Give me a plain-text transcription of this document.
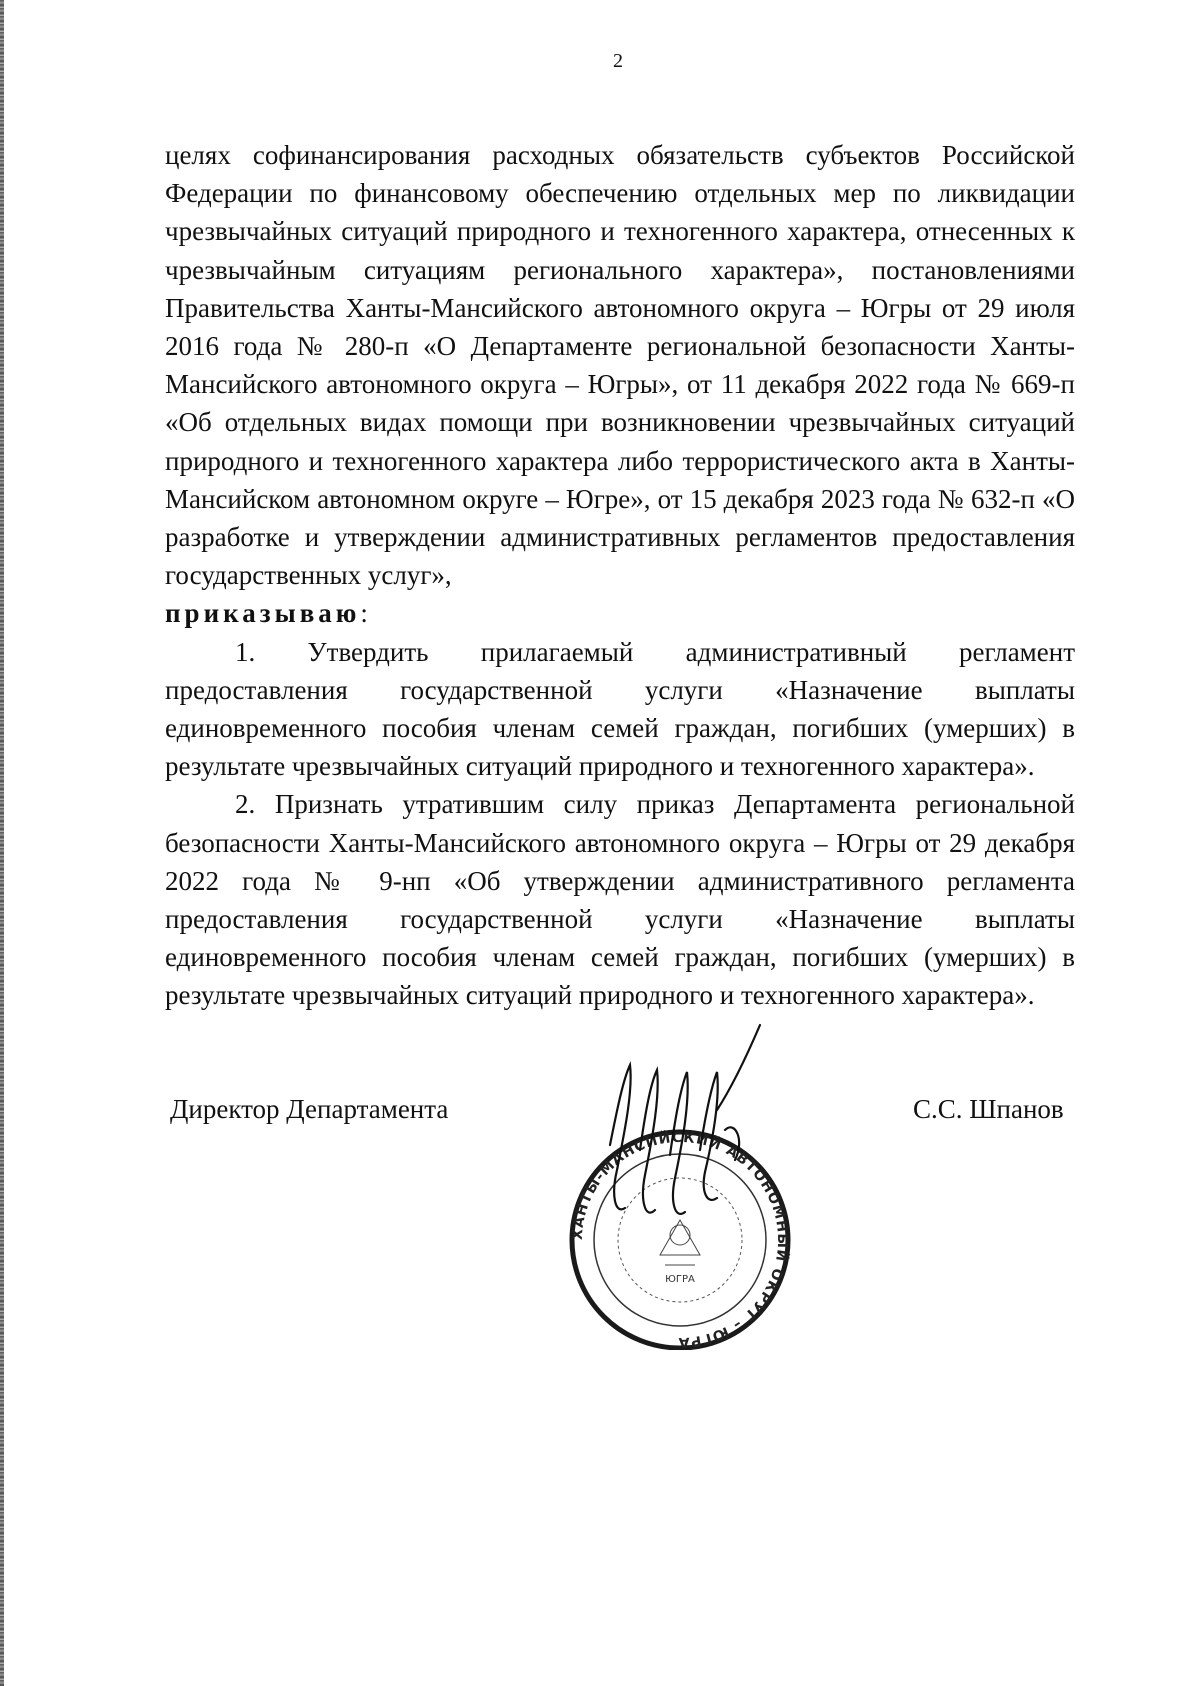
2

целях софинансирования расходных обязательств субъектов Российской Федерации по финансовому обеспечению отдельных мер по ликвидации чрезвычайных ситуаций природного и техногенного характера, отнесенных к чрезвычайным ситуациям регионального характера», постановлениями Правительства Ханты-Мансийского автономного округа – Югры от 29 июля 2016 года № 280-п «О Департаменте региональной безопасности Ханты-Мансийского автономного округа – Югры», от 11 декабря 2022 года № 669-п «Об отдельных видах помощи при возникновении чрезвычайных ситуаций природного и техногенного характера либо террористического акта в Ханты-Мансийском автономном округе – Югре», от 15 декабря 2023 года № 632-п «О разработке и утверждении административных регламентов предоставления государственных услуг»,

приказываю:

1. Утвердить прилагаемый административный регламент предоставления государственной услуги «Назначение выплаты единовременного пособия членам семей граждан, погибших (умерших) в результате чрезвычайных ситуаций природного и техногенного характера».

2. Признать утратившим силу приказ Департамента региональной безопасности Ханты-Мансийского автономного округа – Югры от 29 декабря 2022 года № 9-нп «Об утверждении административного регламента предоставления государственной услуги «Назначение выплаты единовременного пособия членам семей граждан, погибших (умерших) в результате чрезвычайных ситуаций природного и техногенного характера».

Директор Департамента	С.С. Шпанов
ХАНТЫ-МАНСИЙСКИЙ АВТОНОМНЫЙ ОКРУГ – ЮГРА
ЮГРА
